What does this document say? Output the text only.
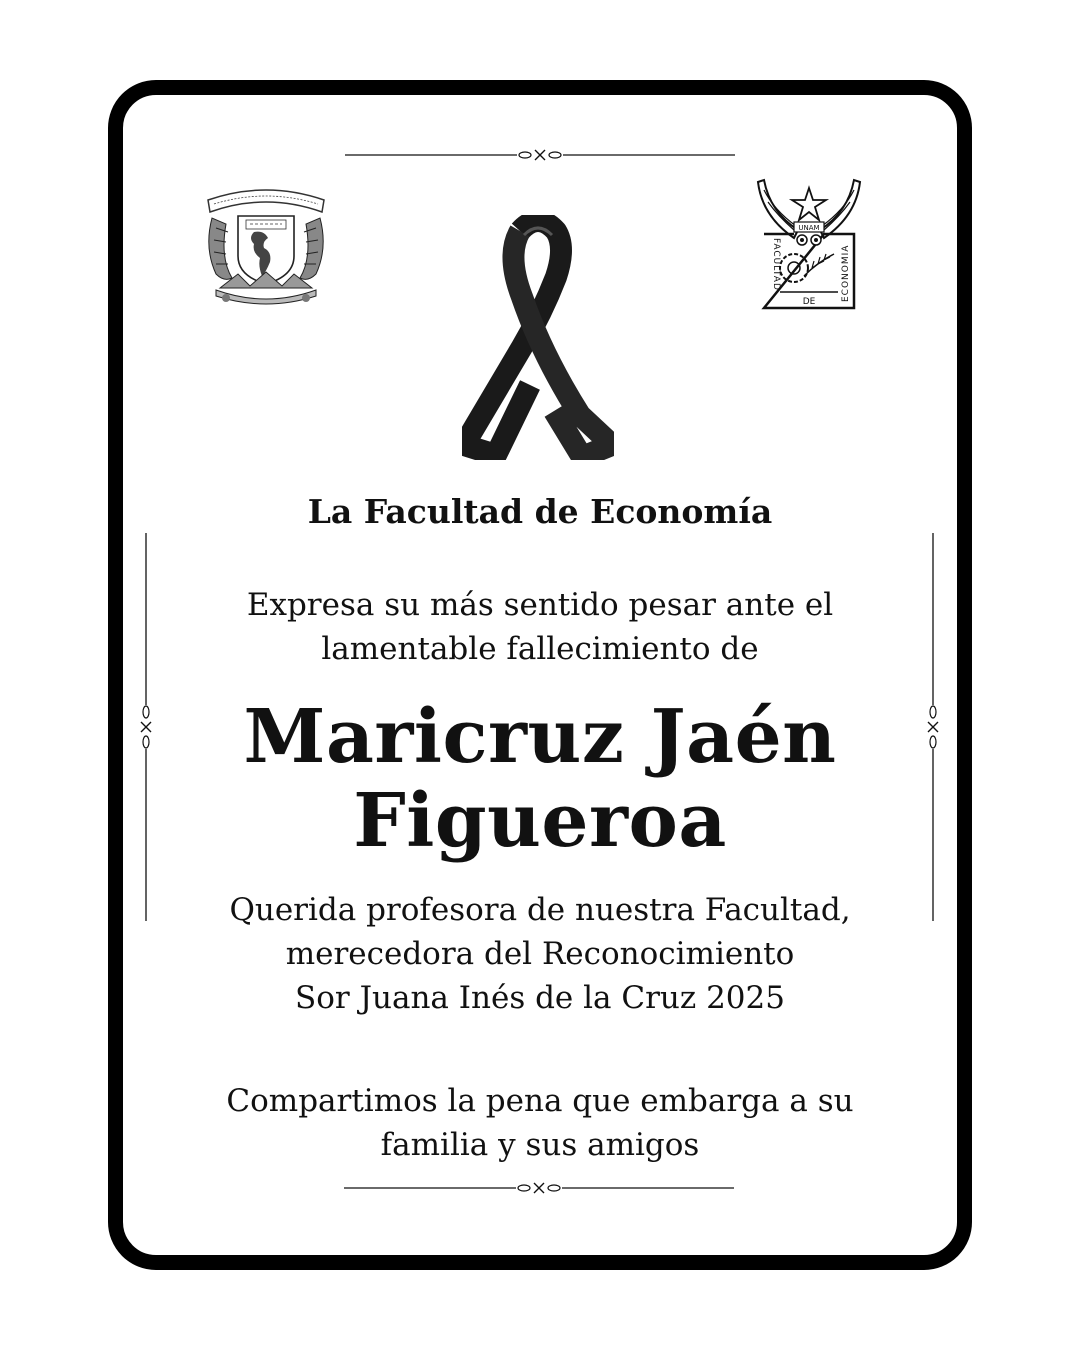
UNAM
FACULTAD	ECONOMIA
DE
La Facultad de Economía
Expresa su más sentido pesar ante el
lamentable fallecimiento de
Maricruz Jaén
Figueroa
Querida profesora de nuestra Facultad,
merecedora del Reconocimiento
Sor Juana Inés de la Cruz 2025
Compartimos la pena que embarga a su
familia y sus amigos
